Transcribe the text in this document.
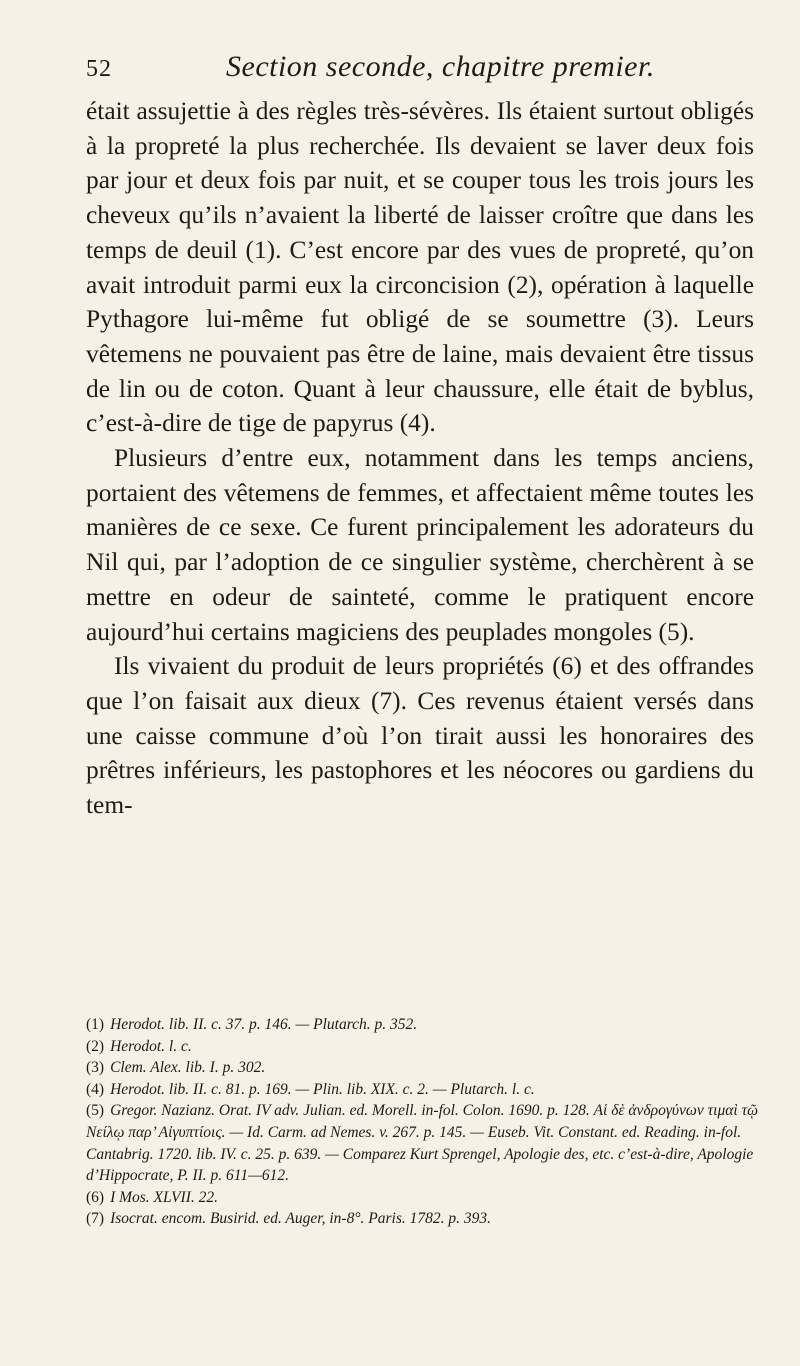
52	Section seconde, chapitre premier.

était assujettie à des règles très-sévères. Ils étaient surtout obligés à la propreté la plus recherchée. Ils devaient se laver deux fois par jour et deux fois par nuit, et se couper tous les trois jours les cheveux qu’ils n’avaient la liberté de laisser croître que dans les temps de deuil (1). C’est encore par des vues de propreté, qu’on avait introduit parmi eux la circoncision (2), opération à laquelle Pythagore lui-même fut obligé de se soumettre (3). Leurs vêtemens ne pouvaient pas être de laine, mais devaient être tissus de lin ou de coton. Quant à leur chaussure, elle était de byblus, c’est-à-dire de tige de papyrus (4).

Plusieurs d’entre eux, notamment dans les temps anciens, portaient des vêtemens de femmes, et affectaient même toutes les manières de ce sexe. Ce furent principalement les adorateurs du Nil qui, par l’adoption de ce singulier système, cherchèrent à se mettre en odeur de sainteté, comme le pratiquent encore aujourd’hui certains magiciens des peuplades mongoles (5).

Ils vivaient du produit de leurs propriétés (6) et des offrandes que l’on faisait aux dieux (7). Ces revenus étaient versés dans une caisse commune d’où l’on tirait aussi les honoraires des prêtres inférieurs, les pastophores et les néocores ou gardiens du tem-

(1) Herodot. lib. II. c. 37. p. 146. — Plutarch. p. 352.

(2) Herodot. l. c.

(3) Clem. Alex. lib. I. p. 302.

(4) Herodot. lib. II. c. 81. p. 169. — Plin. lib. XIX. c. 2. — Plutarch. l. c.

(5) Gregor. Nazianz. Orat. IV adv. Julian. ed. Morell. in-fol. Colon. 1690. p. 128. Αἱ δὲ ἀνδρογύνων τιμαὶ τῷ Νείλῳ παρ’ Αἰγυπτίοις. — Id. Carm. ad Nemes. v. 267. p. 145. — Euseb. Vit. Constant. ed. Reading. in-fol. Cantabrig. 1720. lib. IV. c. 25. p. 639. — Comparez Kurt Sprengel, Apologie des, etc. c’est-à-dire, Apologie d’Hippocrate, P. II. p. 611—612.

(6) I Mos. XLVII. 22.

(7) Isocrat. encom. Busirid. ed. Auger, in-8°. Paris. 1782. p. 393.
